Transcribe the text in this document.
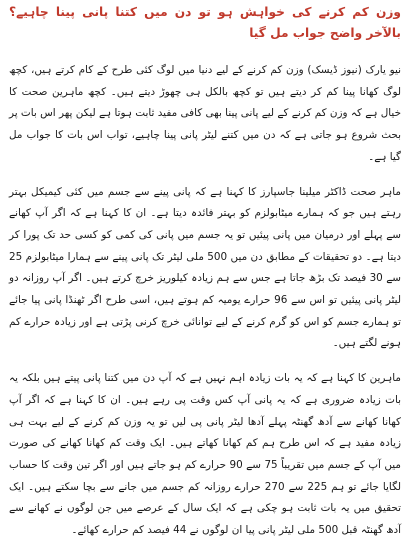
وزن کم کرنے کی خواہش ہو تو دن میں کتنا پانی پینا چاہیے؟ بالآخر واضح جواب مل گیا

نیو یارک (نیوز ڈیسک) وزن کم کرنے کے لیے دنیا میں لوگ کئی طرح کے کام کرتے ہیں، کچھ لوگ کھانا پینا کم کر دیتے ہیں تو کچھ بالکل ہی چھوڑ دیتے ہیں۔ کچھ ماہرین صحت کا خیال ہے کہ وزن کم کرنے کے لیے پانی پینا بھی کافی مفید ثابت ہوتا ہے لیکن پھر اس بات پر بحث شروع ہو جاتی ہے کہ دن میں کتنے لیٹر پانی پینا چاہیے، تواب اس بات کا جواب مل گیا ہے۔

ماہر صحت ڈاکٹر میلینا جاسپارز کا کہنا ہے کہ پانی پینے سے جسم میں کئی کیمیکل بہتر رہتے ہیں جو کہ ہمارے میٹابولزم کو بہتر فائدہ دیتا ہے۔ ان کا کہنا ہے کہ اگر آپ کھانے سے پہلے اور درمیان میں پانی پیئیں تو یہ جسم میں پانی کی کمی کو کسی حد تک پورا کر دیتا ہے۔ دو تحقیقات کے مطابق دن میں 500 ملی لیٹر تک پانی پینے سے ہمارا میٹابولزم 25 سے 30 فیصد تک بڑھ جاتا ہے جس سے ہم زیادہ کیلوریز خرچ کرتے ہیں۔ اگر آپ روزانہ دو لیٹر پانی پیئیں تو اس سے 96 حرارے یومیہ کم ہوتے ہیں، اسی طرح اگر ٹھنڈا پانی پیا جائے تو ہمارے جسم کو اس کو گرم کرنے کے لیے توانائی خرچ کرنی پڑتی ہے اور زیادہ حرارے کم ہونے لگتے ہیں۔

ماہرین کا کہنا ہے کہ یہ بات زیادہ اہم نہیں ہے کہ آپ دن میں کتنا پانی پیتے ہیں بلکہ یہ بات زیادہ ضروری ہے کہ یہ پانی آپ کس وقت پی رہے ہیں۔ ان کا کہنا ہے کہ اگر آپ کھانا کھانے سے آدھ گھنٹہ پہلے آدھا لیٹر پانی پی لیں تو یہ وزن کم کرنے کے لیے بہت ہی زیادہ مفید ہے کہ اس طرح ہم کم کھانا کھاتے ہیں۔ ایک وقت کم کھانا کھانے کی صورت میں آپ کے جسم میں تقریباً 75 سے 90 حرارے کم ہو جاتے ہیں اور اگر تین وقت کا حساب لگایا جائے تو ہم 225 سے 270 حرارے روزانہ کم جسم میں جانے سے بچا سکتے ہیں۔ ایک تحقیق میں یہ بات ثابت ہو چکی ہے کہ ایک سال کے عرصے میں جن لوگوں نے کھانے سے آدھ گھنٹہ قبل 500 ملی لیٹر پانی پیا ان لوگوں نے 44 فیصد کم حرارے کھائے۔
